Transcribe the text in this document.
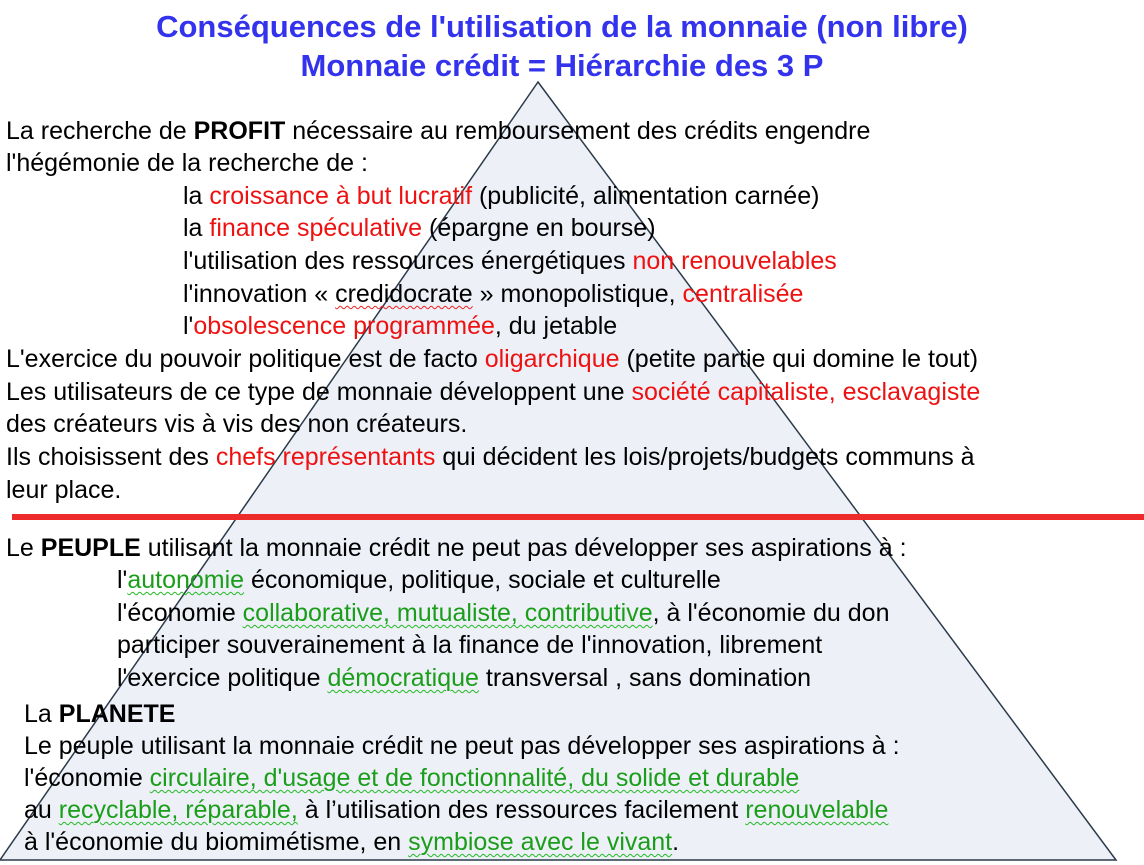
Conséquences de l'utilisation de la monnaie (non libre)
Monnaie crédit = Hiérarchie des 3 P
La recherche de PROFIT nécessaire au remboursement des crédits engendre
l'hégémonie de la recherche de :
la croissance à but lucratif (publicité, alimentation carnée)
la finance spéculative (épargne en bourse)
l'utilisation des ressources énergétiques non renouvelables
l'innovation « credidocrate » monopolistique, centralisée
l'obsolescence programmée, du jetable
L'exercice du pouvoir politique est de facto oligarchique (petite partie qui domine le tout)
Les utilisateurs de ce type de monnaie développent une société capitaliste, esclavagiste
des créateurs vis à vis des non créateurs.
Ils choisissent des chefs représentants qui décident les lois/projets/budgets communs à
leur place.
Le PEUPLE utilisant la monnaie crédit ne peut pas développer ses aspirations à :
l'autonomie économique, politique, sociale et culturelle
l'économie collaborative, mutualiste, contributive, à l'économie du don
participer souverainement à la finance de l'innovation, librement
l'exercice politique démocratique transversal , sans domination
La PLANETE
Le peuple utilisant la monnaie crédit ne peut pas développer ses aspirations à :
l'économie circulaire, d'usage et de fonctionnalité, du solide et durable
au recyclable, réparable, à l’utilisation des ressources facilement renouvelable
à l'économie du biomimétisme, en symbiose avec le vivant.
